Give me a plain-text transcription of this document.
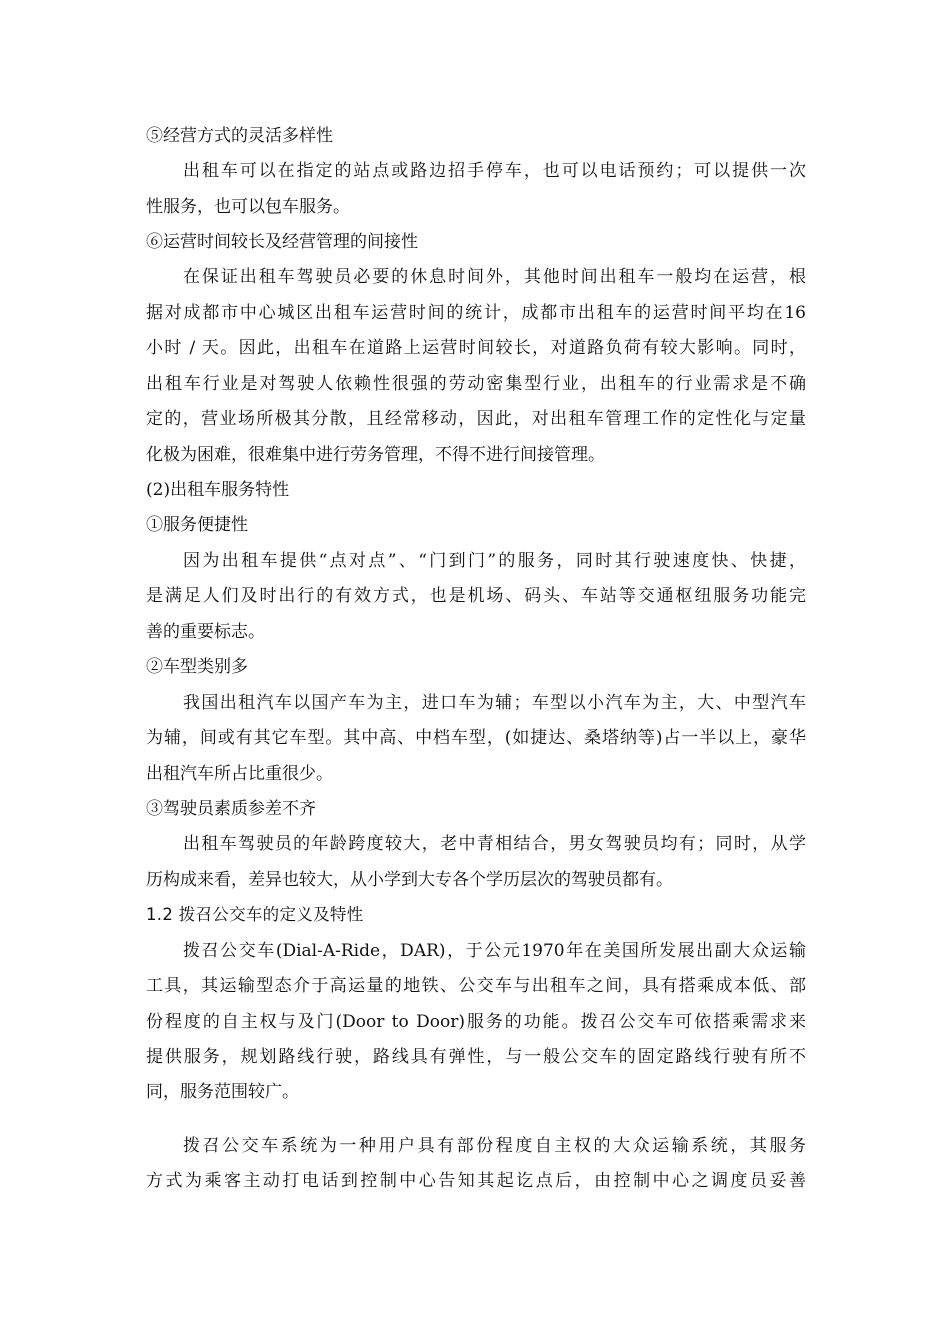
⑤经营方式的灵活多样性
出租车可以在指定的站点或路边招手停车，也可以电话预约；可以提供一次
性服务，也可以包车服务。
⑥运营时间较长及经营管理的间接性
在保证出租车驾驶员必要的休息时间外，其他时间出租车一般均在运营，根
据对成都市中心城区出租车运营时间的统计，成都市出租车的运营时间平均在16
小时 / 天。因此，出租车在道路上运营时间较长，对道路负荷有较大影响。同时，
出租车行业是对驾驶人依赖性很强的劳动密集型行业，出租车的行业需求是不确
定的，营业场所极其分散，且经常移动，因此，对出租车管理工作的定性化与定量
化极为困难，很难集中进行劳务管理，不得不进行间接管理。
(2)出租车服务特性
①服务便捷性
因为出租车提供“点对点”、“门到门”的服务，同时其行驶速度快、快捷，
是满足人们及时出行的有效方式，也是机场、码头、车站等交通枢纽服务功能完
善的重要标志。
②车型类别多
我国出租汽车以国产车为主，进口车为辅；车型以小汽车为主，大、中型汽车
为辅，间或有其它车型。其中高、中档车型，(如捷达、桑塔纳等)占一半以上，豪华
出租汽车所占比重很少。
③驾驶员素质参差不齐
出租车驾驶员的年龄跨度较大，老中青相结合，男女驾驶员均有；同时，从学
历构成来看，差异也较大，从小学到大专各个学历层次的驾驶员都有。
1.2 拨召公交车的定义及特性
拨召公交车(Dial-A-Ride，DAR)，于公元1970年在美国所发展出副大众运输
工具，其运输型态介于高运量的地铁、公交车与出租车之间，具有搭乘成本低、部
份程度的自主权与及门(Door to Door)服务的功能。拨召公交车可依搭乘需求来
提供服务，规划路线行驶，路线具有弹性，与一般公交车的固定路线行驶有所不
同，服务范围较广。
拨召公交车系统为一种用户具有部份程度自主权的大众运输系统，其服务
方式为乘客主动打电话到控制中心告知其起讫点后，由控制中心之调度员妥善
